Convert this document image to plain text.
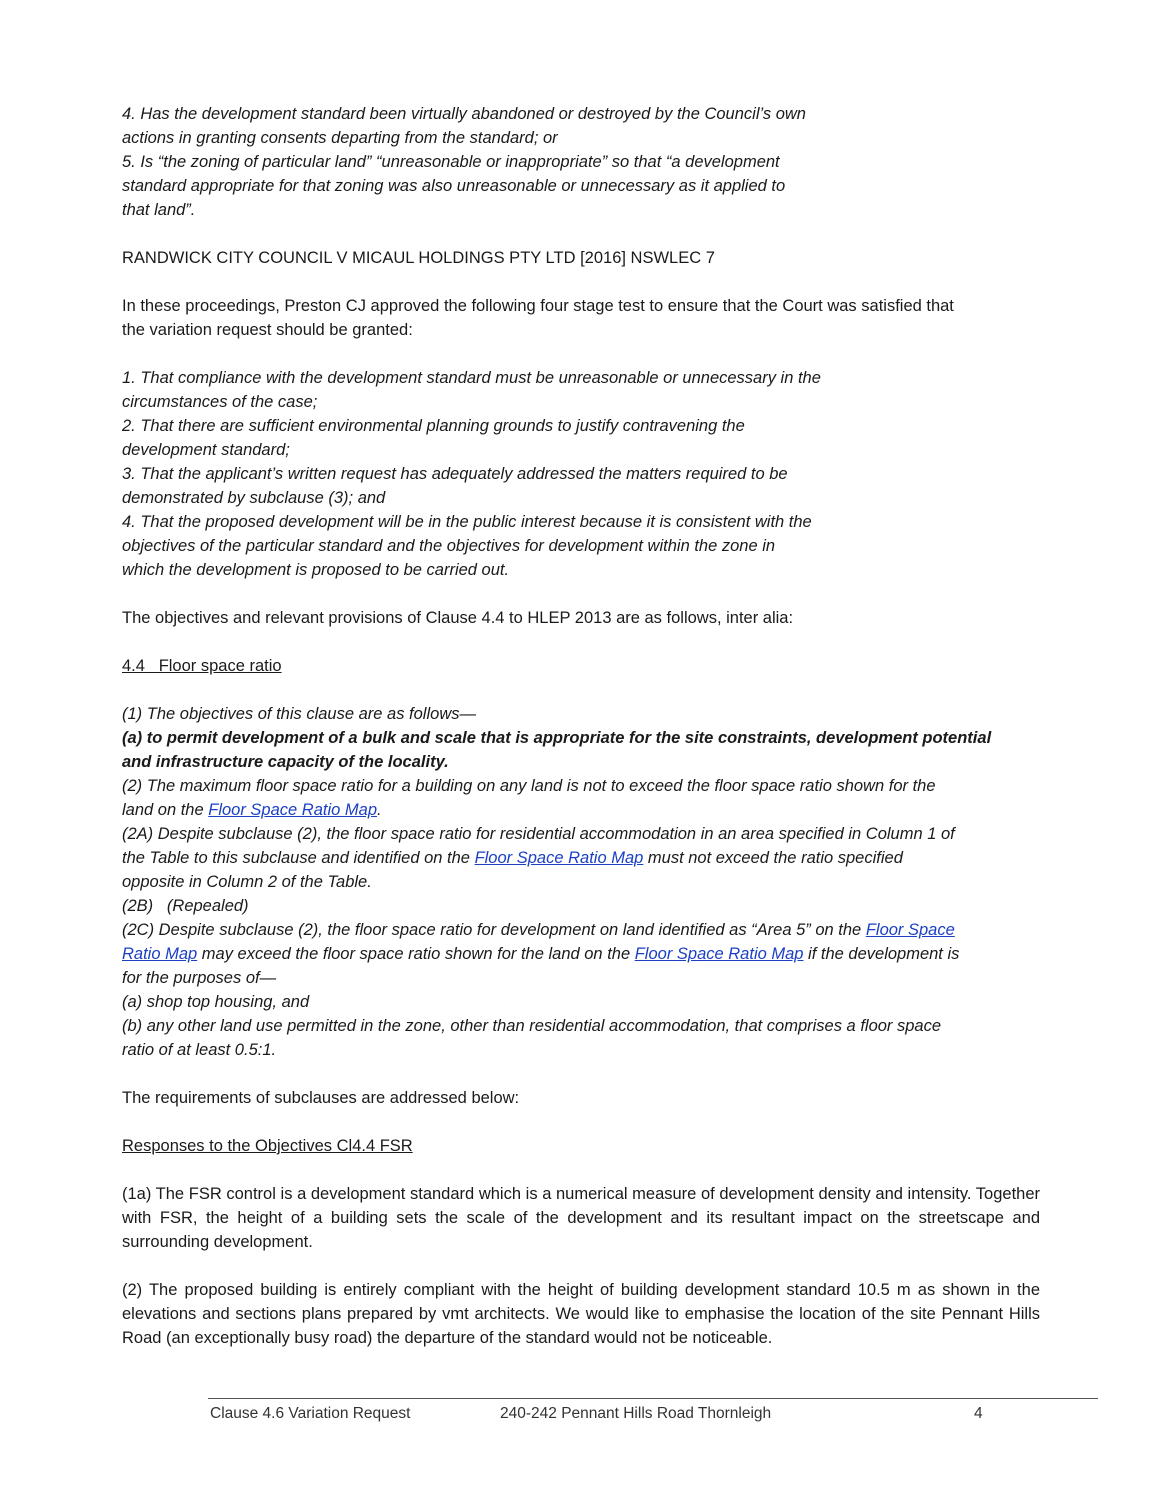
4. Has the development standard been virtually abandoned or destroyed by the Council’s own

actions in granting consents departing from the standard; or

5. Is “the zoning of particular land” “unreasonable or inappropriate” so that “a development

standard appropriate for that zoning was also unreasonable or unnecessary as it applied to

that land”.

RANDWICK CITY COUNCIL V MICAUL HOLDINGS PTY LTD [2016] NSWLEC 7

In these proceedings, Preston CJ approved the following four stage test to ensure that the Court was satisfied that

the variation request should be granted:

1. That compliance with the development standard must be unreasonable or unnecessary in the

circumstances of the case;

2. That there are sufficient environmental planning grounds to justify contravening the

development standard;

3. That the applicant’s written request has adequately addressed the matters required to be

demonstrated by subclause (3); and

4. That the proposed development will be in the public interest because it is consistent with the

objectives of the particular standard and the objectives for development within the zone in

which the development is proposed to be carried out.

The objectives and relevant provisions of Clause 4.4 to HLEP 2013 are as follows, inter alia:

4.4   Floor space ratio

(1) The objectives of this clause are as follows—

(a) to permit development of a bulk and scale that is appropriate for the site constraints, development potential

and infrastructure capacity of the locality.

(2) The maximum floor space ratio for a building on any land is not to exceed the floor space ratio shown for the

land on the Floor Space Ratio Map.

(2A) Despite subclause (2), the floor space ratio for residential accommodation in an area specified in Column 1 of

the Table to this subclause and identified on the Floor Space Ratio Map must not exceed the ratio specified

opposite in Column 2 of the Table.

(2B)   (Repealed)

(2C) Despite subclause (2), the floor space ratio for development on land identified as “Area 5” on the Floor Space

Ratio Map may exceed the floor space ratio shown for the land on the Floor Space Ratio Map if the development is

for the purposes of—

(a) shop top housing, and

(b) any other land use permitted in the zone, other than residential accommodation, that comprises a floor space

ratio of at least 0.5:1.

The requirements of subclauses are addressed below:

Responses to the Objectives Cl4.4 FSR

(1a) The FSR control is a development standard which is a numerical measure of development density and intensity. Together with FSR, the height of a building sets the scale of the development and its resultant impact on the streetscape and surrounding development.

(2) The proposed building is entirely compliant with the height of building development standard 10.5 m as shown in the elevations and sections plans prepared by vmt architects. We would like to emphasise the location of the site Pennant Hills Road (an exceptionally busy road) the departure of the standard would not be noticeable.

Clause 4.6 Variation Request	240-242 Pennant Hills Road Thornleigh	4
